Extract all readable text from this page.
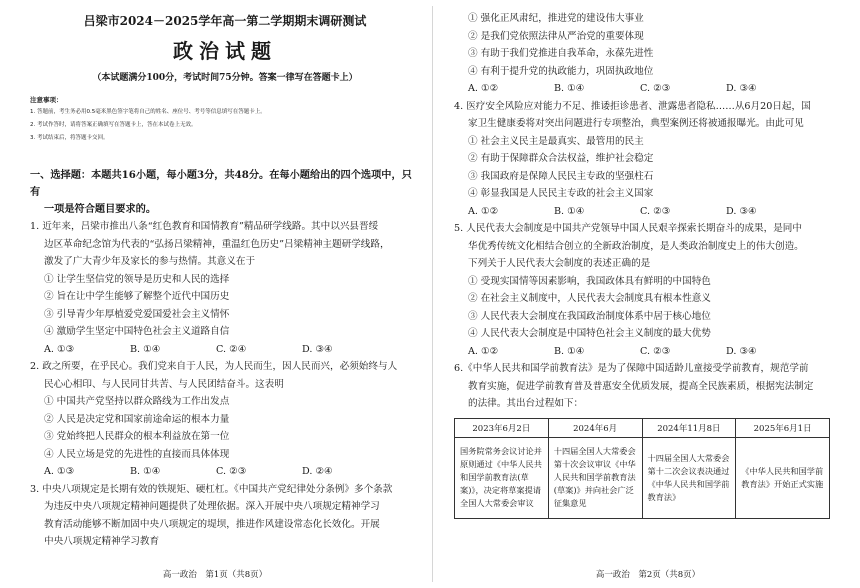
吕梁市2024－2025学年高一第二学期期末调研测试
政治试题
（本试题满分100分，考试时间75分钟。答案一律写在答题卡上）
注意事项：
1. 答题前，考生务必用0.5毫米黑色签字笔将自己的姓名、座位号、考号等信息填写在答题卡上。
2. 考试作答时，请将答案正确填写在答题卡上，答在本试卷上无效。
3. 考试结束后，将答题卡交回。
一、选择题：本题共16小题，每小题3分，共48分。在每小题给出的四个选项中，只有
一项是符合题目要求的。
1. 近年来，吕梁市推出八条“红色教育和国情教育”精品研学线路。其中以兴县晋绥
边区革命纪念馆为代表的“弘扬吕梁精神，重温红色历史”吕梁精神主题研学线路，
激发了广大青少年及家长的参与热情。其意义在于
① 让学生坚信党的领导是历史和人民的选择
② 旨在让中学生能够了解整个近代中国历史
③ 引导青少年厚植爱党爱国爱社会主义情怀
④ 激励学生坚定中国特色社会主义道路自信
A. ①③	B. ①④	C. ②④	D. ③④
2. 政之所要，在乎民心。我们党来自于人民，为人民而生，因人民而兴，必须始终与人
民心心相印、与人民同甘共苦、与人民团结奋斗。这表明
① 中国共产党坚持以群众路线为工作出发点
② 人民是决定党和国家前途命运的根本力量
③ 党始终把人民群众的根本利益放在第一位
④ 人民立场是党的先进性的直接而具体体现
A. ①③	B. ①④	C. ②③	D. ②④
3. 中央八项规定是长期有效的铁规矩、硬杠杠。《中国共产党纪律处分条例》多个条款
为违反中央八项规定精神问题提供了处理依据。深入开展中央八项规定精神学习
教育活动能够不断加固中央八项规定的堤坝，推进作风建设常态化长效化。开展
中央八项规定精神学习教育
高一政治　第1页（共8页）
① 强化正风肃纪，推进党的建设伟大事业
② 是我们党依照法律从严治党的重要体现
③ 有助于我们党推进自我革命，永葆先进性
④ 有利于提升党的执政能力，巩固执政地位
A. ①②	B. ①④	C. ②③	D. ③④
4. 医疗安全风险应对能力不足、推诿拒诊患者、泄露患者隐私……从6月20日起，国
家卫生健康委将对突出问题进行专项整治，典型案例还将被通报曝光。由此可见
① 社会主义民主是最真实、最管用的民主
② 有助于保障群众合法权益，维护社会稳定
③ 我国政府是保障人民民主专政的坚强柱石
④ 彰显我国是人民民主专政的社会主义国家
A. ①②	B. ①④	C. ②③	D. ③④
5. 人民代表大会制度是中国共产党领导中国人民艰辛探索长期奋斗的成果，是同中
华优秀传统文化相结合创立的全新政治制度，是人类政治制度史上的伟大创造。
下列关于人民代表大会制度的表述正确的是
① 受现实国情等因素影响，我国政体具有鲜明的中国特色
② 在社会主义制度中，人民代表大会制度具有根本性意义
③ 人民代表大会制度在我国政治制度体系中居于核心地位
④ 人民代表大会制度是中国特色社会主义制度的最大优势
A. ①②	B. ①④	C. ②③	D. ③④
6.《中华人民共和国学前教育法》是为了保障中国适龄儿童接受学前教育，规范学前
教育实施，促进学前教育普及普惠安全优质发展，提高全民族素质，根据宪法制定
的法律。其出台过程如下：
2023年6月2日	2024年6月	2024年11月8日	2025年6月1日
国务院常务会议讨论并原则通过《中华人民共和国学前教育法(草案)》，决定将草案提请全国人大常委会审议	十四届全国人大常委会第十次会议审议《中华人民共和国学前教育法(草案)》并向社会广泛征集意见	十四届全国人大常委会第十二次会议表决通过《中华人民共和国学前教育法》	《中华人民共和国学前教育法》开始正式实施
高一政治　第2页（共8页）
